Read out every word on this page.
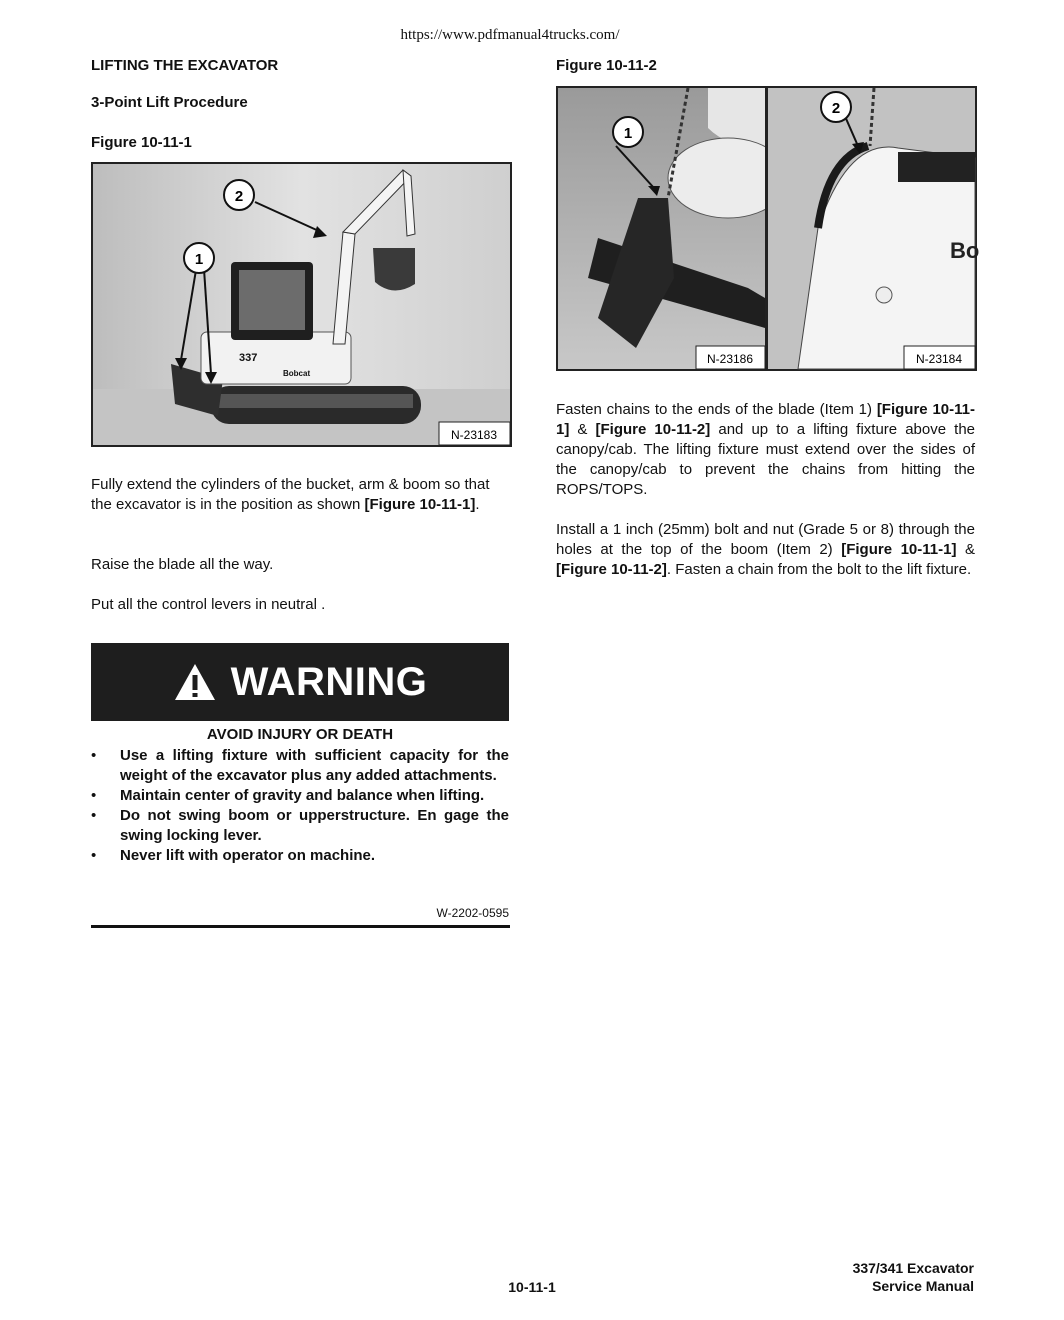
https://www.pdfmanual4trucks.com/
LIFTING THE EXCAVATOR
3-Point Lift Procedure
Figure 10-11-1
337
Bobcat
1
2
N-23183
Fully extend the cylinders of the bucket, arm & boom so that the excavator is in the position as shown [Figure 10-11-1].
Raise the blade all the way.
Put all the control levers in neutral .
WARNING
AVOID INJURY OR DEATH
• Use a lifting fixture with sufficient capacity for the weight of the excavator plus any added attachments.
• Maintain center of gravity and balance when lifting.
• Do not swing boom or upperstructure. En gage the swing locking lever.
• Never lift with operator on machine.
W-2202-0595
Figure 10-11-2
1
N-23186
Bo
2
N-23184
Fasten chains to the ends of the blade (Item 1) [Figure 10-11-1] & [Figure 10-11-2] and up to a lifting fixture above the canopy/cab. The lifting fixture must extend over the sides of the canopy/cab to prevent the chains from hitting the ROPS/TOPS.
Install a 1 inch (25mm) bolt and nut (Grade 5 or 8) through the holes at the top of the boom (Item 2) [Figure 10-11-1] & [Figure 10-11-2]. Fasten a chain from the bolt to the lift fixture.
10-11-1
337/341 Excavator
Service Manual
